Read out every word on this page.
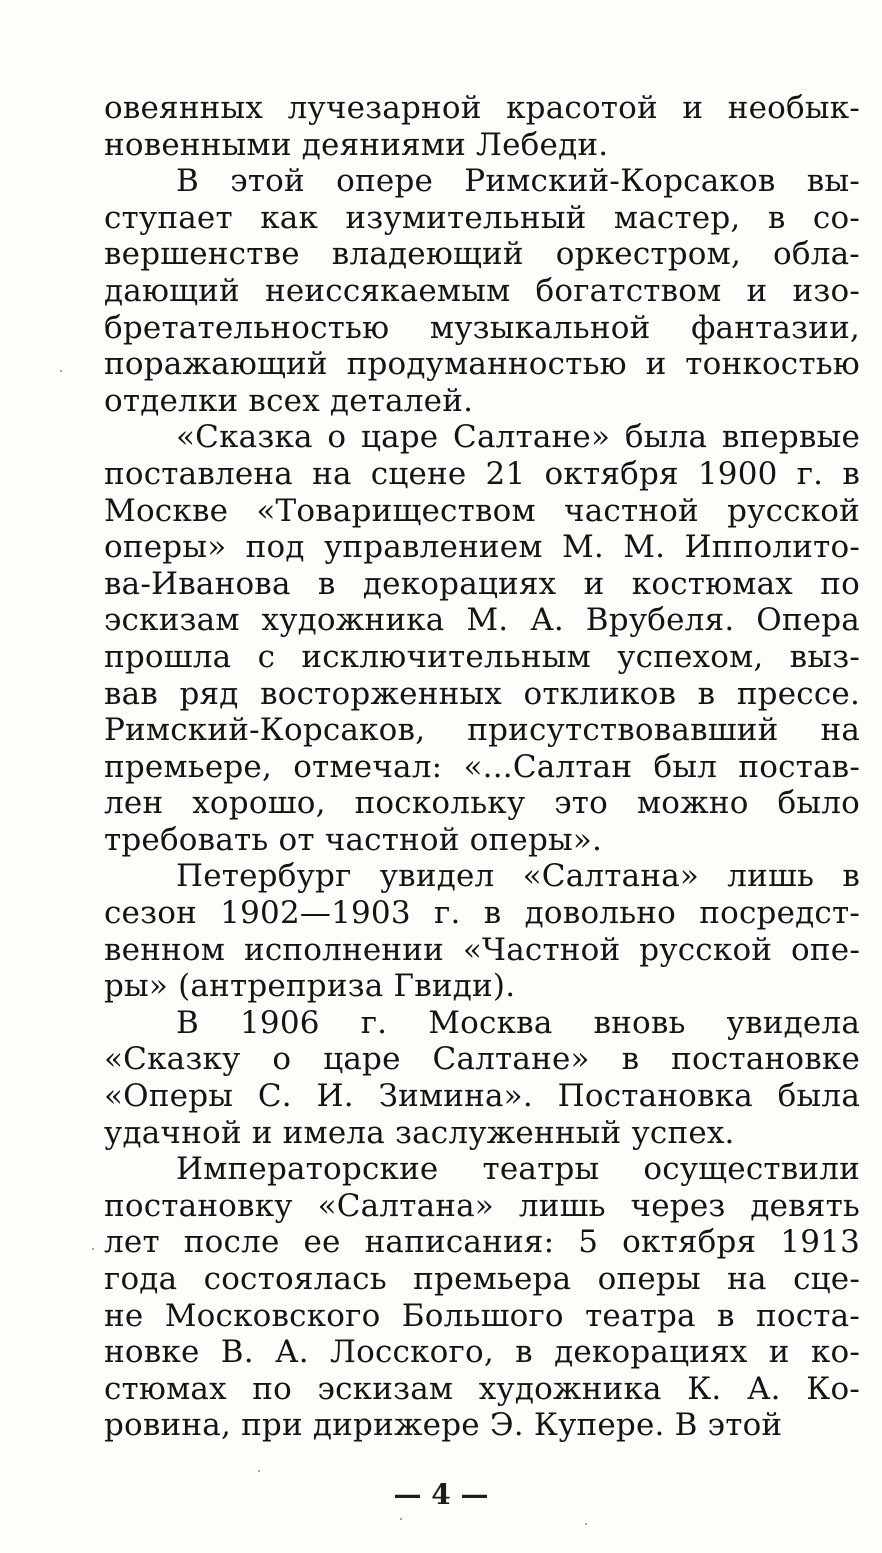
овеянных лучезарной красотой и необык-
новенными деяниями Лебеди.
В этой опере Римский-Корсаков вы-
ступает как изумительный мастер, в со-
вершенстве владеющий оркестром, обла-
дающий неиссякаемым богатством и изо-
бретательностью музыкальной фантазии,
поражающий продуманностью и тонкостью
отделки всех деталей.
«Сказка о царе Салтане» была впервые
поставлена на сцене 21 октября 1900 г. в
Москве «Товариществом частной русской
оперы» под управлением М. М. Ипполито-
ва-Иванова в декорациях и костюмах по
эскизам художника М. А. Врубеля. Опера
прошла с исключительным успехом, выз-
вав ряд восторженных откликов в прессе.
Римский-Корсаков, присутствовавший на
премьере, отмечал: «...Салтан был постав-
лен хорошо, поскольку это можно было
требовать от частной оперы».
Петербург увидел «Салтана» лишь в
сезон 1902—1903 г. в довольно посредст-
венном исполнении «Частной русской опе-
ры» (антреприза Гвиди).
В 1906 г. Москва вновь увидела
«Сказку о царе Салтане» в постановке
«Оперы С. И. Зимина». Постановка была
удачной и имела заслуженный успех.
Императорские театры осуществили
постановку «Салтана» лишь через девять
лет после ее написания: 5 октября 1913
года состоялась премьера оперы на сце-
не Московского Большого театра в поста-
новке В. А. Лосского, в декорациях и ко-
стюмах по эскизам художника К. А. Ко-
ровина, при дирижере Э. Купере. В этой
— 4 —
